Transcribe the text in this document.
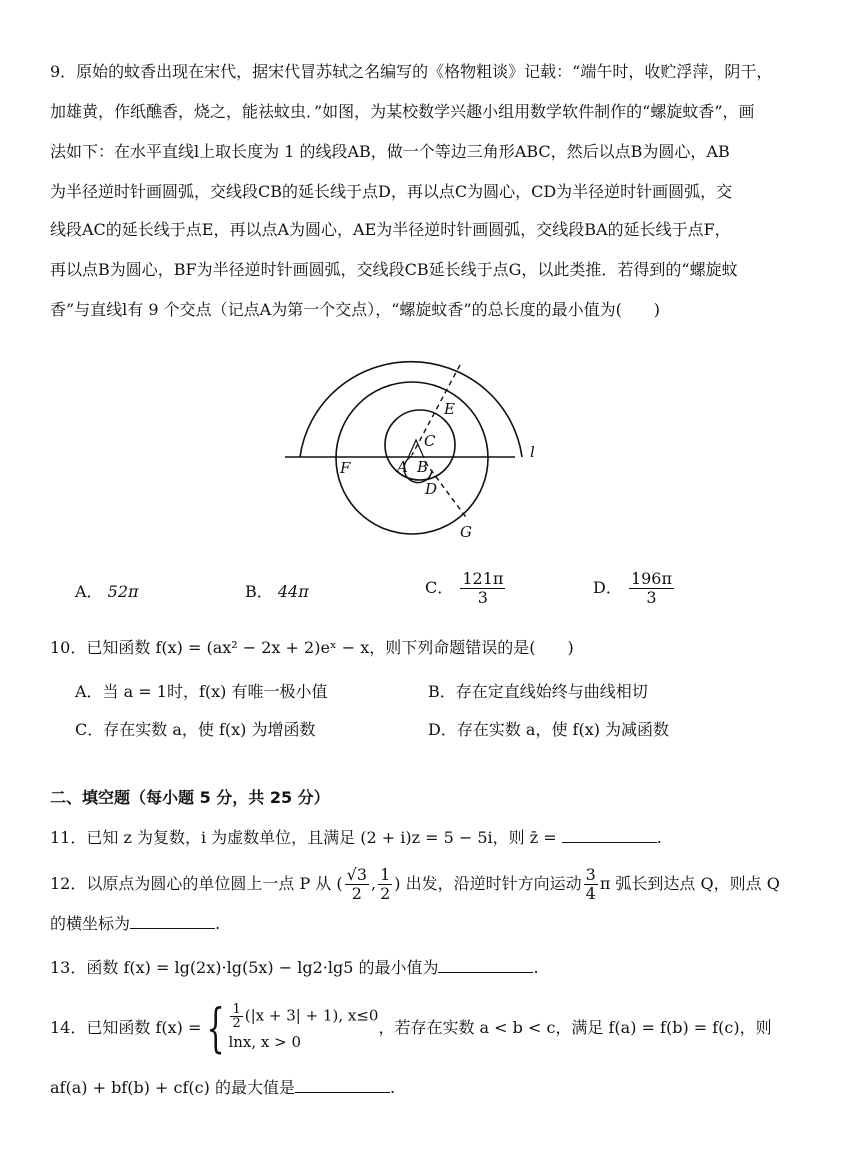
9．原始的蚊香出现在宋代，据宋代冒苏轼之名编写的《格物粗谈》记载：“端午时，收贮浮萍，阴干，
加雄黄，作纸醮香，烧之，能祛蚊虫．”如图，为某校数学兴趣小组用数学软件制作的“螺旋蚊香”，画
法如下：在水平直线l上取长度为 1 的线段AB，做一个等边三角形ABC，然后以点B为圆心，AB
为半径逆时针画圆弧，交线段CB的延长线于点D，再以点C为圆心，CD为半径逆时针画圆弧，交
线段AC的延长线于点E，再以点A为圆心，AE为半径逆时针画圆弧，交线段BA的延长线于点F，
再以点B为圆心，BF为半径逆时针画圆弧，交线段CB延长线于点G，以此类推．若得到的“螺旋蚊
香”与直线l有 9 个交点（记点A为第一个交点），“螺旋蚊香”的总长度的最小值为(　　)
E
C
A B
F
D
G
l
A． 52π	B． 44π	C． $\frac{121\pi}{3}$	D． $\frac{196\pi}{3}$
10．已知函数 f(x) = (ax² − 2x + 2)eˣ − x，则下列命题错误的是(　　)
A．当 a = 1时，f(x) 有唯一极小值	B．存在定直线始终与曲线相切
C．存在实数 a，使 f(x) 为增函数	D．存在实数 a，使 f(x) 为减函数
二、填空题（每小题 5 分，共 25 分）
11．已知 z 为复数，i 为虚数单位，且满足 (2 + i)z = 5 − 5i，则 z̄ =	.
12．以原点为圆心的单位圆上一点 P 从 ( $\frac{√3}{2}$ , $\frac{1}{2}$ ) 出发，沿逆时针方向运动 $\frac{3}{4}$ π 弧长到达点 Q，则点 Q
的横坐标为	.
13．函数 f(x) = lg(2x)·lg(5x) − lg2·lg5 的最小值为	.
14．已知函数 f(x) = { $\frac{1}{2} (|x + 3| + 1)$, x≤0
lnx, x > 0
，若存在实数 a < b < c，满足 f(a) = f(b) = f(c)，则
af(a) + bf(b) + cf(c) 的最大值是	.
